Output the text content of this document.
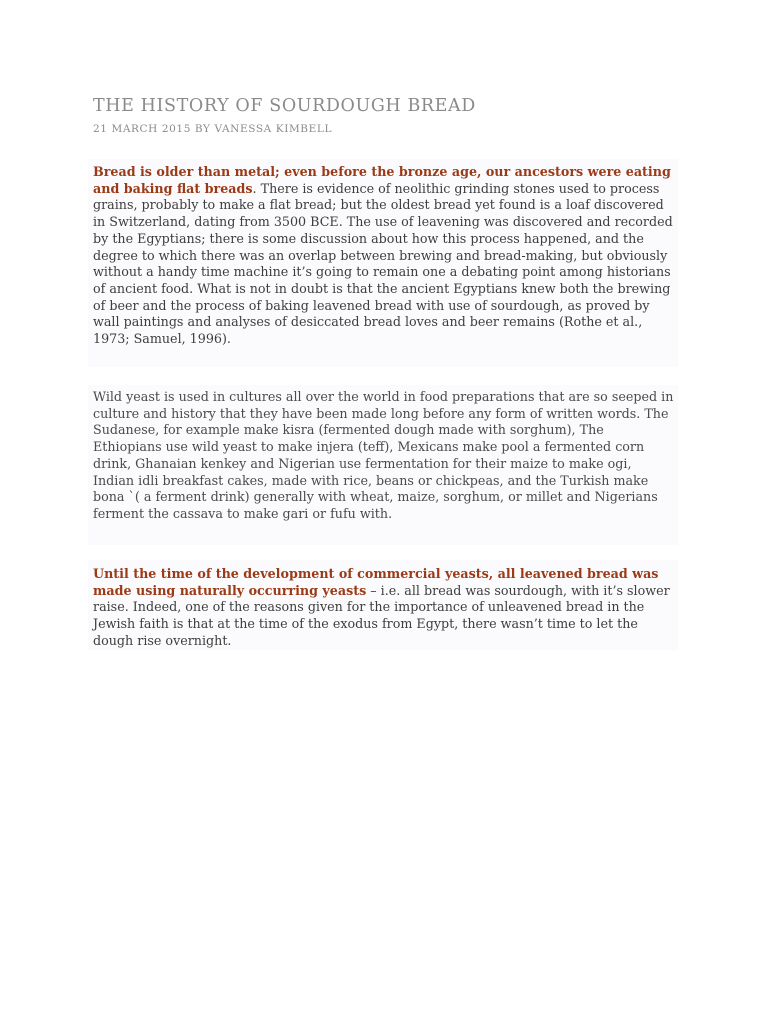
THE HISTORY OF SOURDOUGH BREAD
21 MARCH 2015 BY VANESSA KIMBELL

Bread is older than metal; even before the bronze age, our ancestors were eating and baking flat breads. There is evidence of neolithic grinding stones used to process grains, probably to make a flat bread; but the oldest bread yet found is a loaf discovered in Switzerland, dating from 3500 BCE. The use of leavening was discovered and recorded by the Egyptians; there is some discussion about how this process happened, and the degree to which there was an overlap between brewing and bread-making, but obviously without a handy time machine it’s going to remain one a debating point among historians of ancient food. What is not in doubt is that the ancient Egyptians knew both the brewing of beer and the process of baking leavened bread with use of sourdough, as proved by wall paintings and analyses of desiccated bread loves and beer remains (Rothe et al., 1973; Samuel, 1996).

Wild yeast is used in cultures all over the world in food preparations that are so seeped in culture and history that they have been made long before any form of written words. The Sudanese, for example make kisra (fermented dough made with sorghum), The Ethiopians use wild yeast to make injera (teff), Mexicans make pool a fermented corn drink, Ghanaian kenkey and Nigerian use fermentation for their maize to make ogi, Indian idli breakfast cakes, made with rice, beans or chickpeas, and the Turkish make bona `( a ferment drink) generally with wheat, maize, sorghum, or millet and Nigerians ferment the cassava to make gari or fufu with.

Until the time of the development of commercial yeasts, all leavened bread was made using naturally occurring yeasts – i.e. all bread was sourdough, with it’s slower raise. Indeed, one of the reasons given for the importance of unleavened bread in the Jewish faith is that at the time of the exodus from Egypt, there wasn’t time to let the dough rise overnight.
